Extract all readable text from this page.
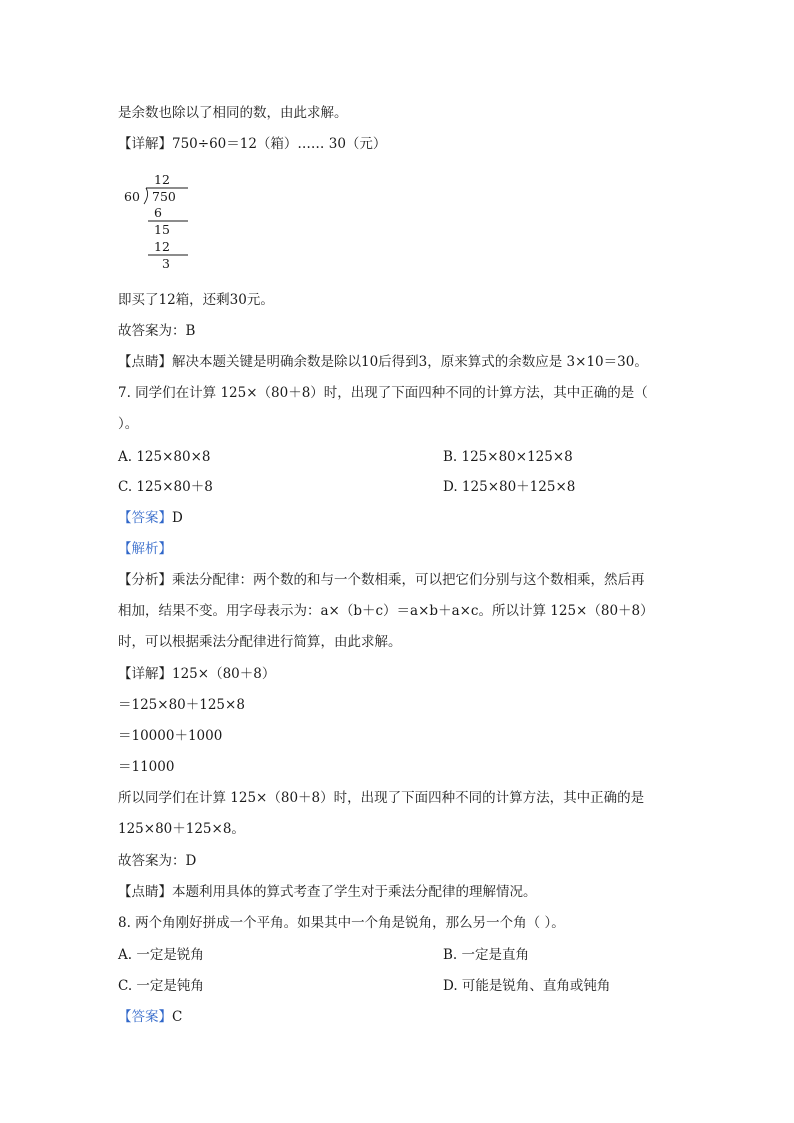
是余数也除以了相同的数，由此求解。
【详解】750÷60＝12（箱）…… 30（元）
12
60 750
6
15
12
3
即买了12箱，还剩30元。
故答案为：B
【点睛】解决本题关键是明确余数是除以10后得到3，原来算式的余数应是 3×10＝30。
7. 同学们在计算 125×（80＋8）时，出现了下面四种不同的计算方法，其中正确的是（
）。
A. 125×80×8	B. 125×80×125×8
C. 125×80＋8	D. 125×80＋125×8
【答案】D
【解析】
【分析】乘法分配律：两个数的和与一个数相乘，可以把它们分别与这个数相乘，然后再
相加，结果不变。用字母表示为：a×（b＋c）＝a×b＋a×c。所以计算 125×（80＋8）
时，可以根据乘法分配律进行简算，由此求解。
【详解】125×（80＋8）
＝125×80＋125×8
＝10000＋1000
＝11000
所以同学们在计算 125×（80＋8）时，出现了下面四种不同的计算方法，其中正确的是
125×80＋125×8。
故答案为：D
【点睛】本题利用具体的算式考查了学生对于乘法分配律的理解情况。
8. 两个角刚好拼成一个平角。如果其中一个角是锐角，那么另一个角（ ）。
A. 一定是锐角	B. 一定是直角
C. 一定是钝角	D. 可能是锐角、直角或钝角
【答案】C
